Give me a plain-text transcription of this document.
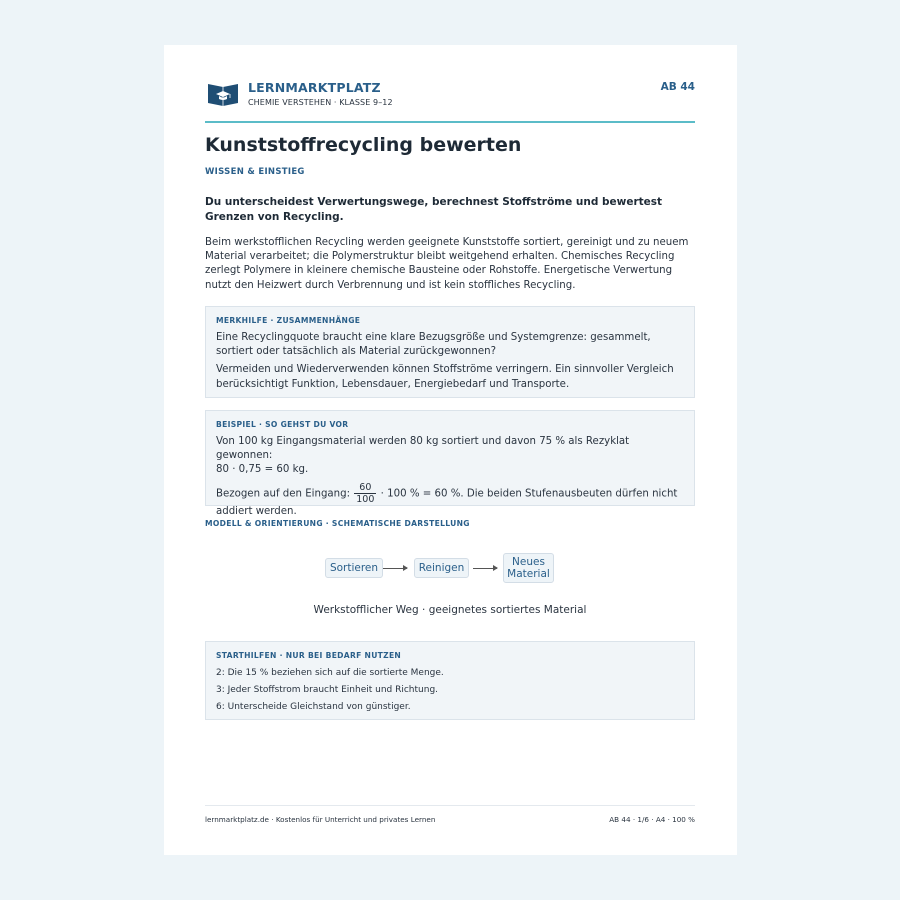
LERNMARKTPLATZ
CHEMIE VERSTEHEN · KLASSE 9–12
AB 44
Kunststoffrecycling bewerten
WISSEN & EINSTIEG
Du unterscheidest Verwertungswege, berechnest Stoffströme und bewertest Grenzen von Recycling.
Beim werkstofflichen Recycling werden geeignete Kunststoffe sortiert, gereinigt und zu neuem Material verarbeitet; die Polymerstruktur bleibt weitgehend erhalten. Chemisches Recycling zerlegt Polymere in kleinere chemische Bausteine oder Rohstoffe. Energetische Verwertung nutzt den Heizwert durch Verbrennung und ist kein stoffliches Recycling.
MERKHILFE · ZUSAMMENHÄNGE
Eine Recyclingquote braucht eine klare Bezugsgröße und Systemgrenze: gesammelt, sortiert oder tatsächlich als Material zurückgewonnen?
Vermeiden und Wiederverwenden können Stoffströme verringern. Ein sinnvoller Vergleich berücksichtigt Funktion, Lebensdauer, Energiebedarf und Transporte.
BEISPIEL · SO GEHST DU VOR
Von 100 kg Eingangsmaterial werden 80 kg sortiert und davon 75 % als Rezyklat gewonnen:
80 · 0,75 = 60 kg.
Bezogen auf den Eingang: $\frac{60}{100} \cdot 100$ % = 60 %. Die beiden Stufenausbeuten dürfen nicht addiert werden.
MODELL & ORIENTIERUNG · SCHEMATISCHE DARSTELLUNG
Sortieren	Reinigen	Neues
Material
Werkstofflicher Weg · geeignetes sortiertes Material
STARTHILFEN · NUR BEI BEDARF NUTZEN
2: Die 15 % beziehen sich auf die sortierte Menge.
3: Jeder Stoffstrom braucht Einheit und Richtung.
6: Unterscheide Gleichstand von günstiger.
lernmarktplatz.de · Kostenlos für Unterricht und privates Lernen	AB 44 · 1/6 · A4 · 100 %
